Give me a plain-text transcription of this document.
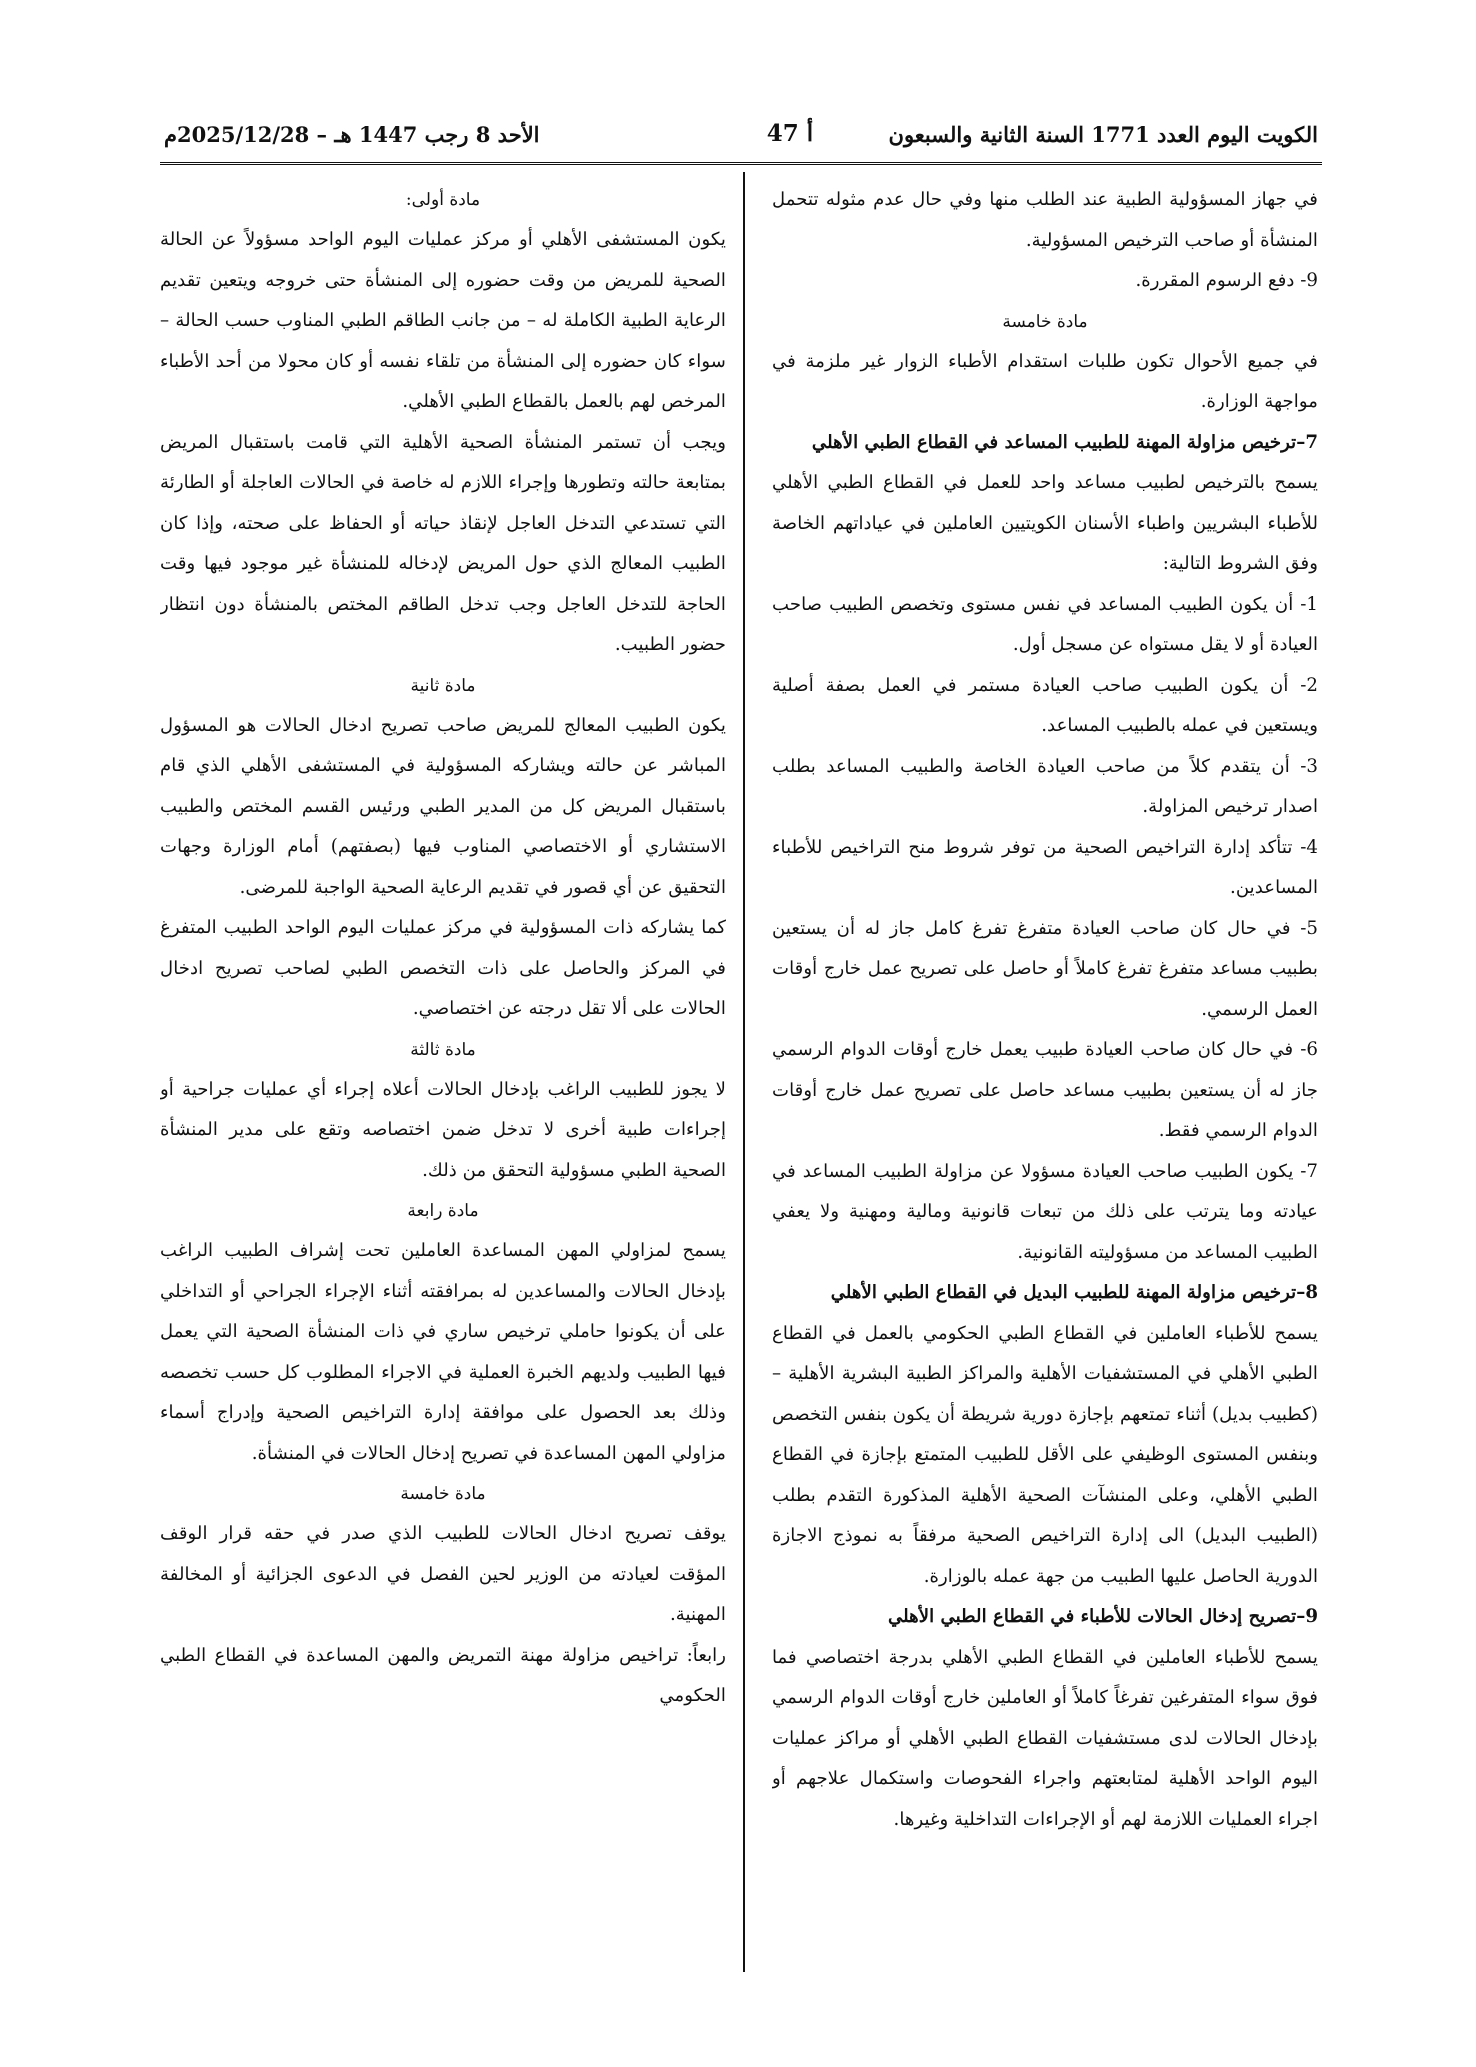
الكويت اليوم العدد 1771 السنة الثانية والسبعون
أ 47
الأحد 8 رجب 1447 هـ – 2025/12/28م

في جهاز المسؤولية الطبية عند الطلب منها وفي حال عدم مثوله تتحمل المنشأة أو صاحب الترخيص المسؤولية.

9- دفع الرسوم المقررة.

مادة خامسة

في جميع الأحوال تكون طلبات استقدام الأطباء الزوار غير ملزمة في مواجهة الوزارة.

7–ترخيص مزاولة المهنة للطبيب المساعد في القطاع الطبي الأهلي

يسمح بالترخيص لطبيب مساعد واحد للعمل في القطاع الطبي الأهلي للأطباء البشريين واطباء الأسنان الكويتيين العاملين في عياداتهم الخاصة وفق الشروط التالية:

1- أن يكون الطبيب المساعد في نفس مستوى وتخصص الطبيب صاحب العيادة أو لا يقل مستواه عن مسجل أول.

2- أن يكون الطبيب صاحب العيادة مستمر في العمل بصفة أصلية ويستعين في عمله بالطبيب المساعد.

3- أن يتقدم كلاً من صاحب العيادة الخاصة والطبيب المساعد بطلب اصدار ترخيص المزاولة.

4- تتأكد إدارة التراخيص الصحية من توفر شروط منح التراخيص للأطباء المساعدين.

5- في حال كان صاحب العيادة متفرغ تفرغ كامل جاز له أن يستعين بطبيب مساعد متفرغ تفرغ كاملاً أو حاصل على تصريح عمل خارج أوقات العمل الرسمي.

6- في حال كان صاحب العيادة طبيب يعمل خارج أوقات الدوام الرسمي جاز له أن يستعين بطبيب مساعد حاصل على تصريح عمل خارج أوقات الدوام الرسمي فقط.

7- يكون الطبيب صاحب العيادة مسؤولا عن مزاولة الطبيب المساعد في عيادته وما يترتب على ذلك من تبعات قانونية ومالية ومهنية ولا يعفي الطبيب المساعد من مسؤوليته القانونية.

8–ترخيص مزاولة المهنة للطبيب البديل في القطاع الطبي الأهلي

يسمح للأطباء العاملين في القطاع الطبي الحكومي بالعمل في القطاع الطبي الأهلي في المستشفيات الأهلية والمراكز الطبية البشرية الأهلية – (كطبيب بديل) أثناء تمتعهم بإجازة دورية شريطة أن يكون بنفس التخصص وبنفس المستوى الوظيفي على الأقل للطبيب المتمتع بإجازة في القطاع الطبي الأهلي، وعلى المنشآت الصحية الأهلية المذكورة التقدم بطلب (الطبيب البديل) الى إدارة التراخيص الصحية مرفقاً به نموذج الاجازة الدورية الحاصل عليها الطبيب من جهة عمله بالوزارة.

9–تصريح إدخال الحالات للأطباء في القطاع الطبي الأهلي

يسمح للأطباء العاملين في القطاع الطبي الأهلي بدرجة اختصاصي فما فوق سواء المتفرغين تفرغاً كاملاً أو العاملين خارج أوقات الدوام الرسمي بإدخال الحالات لدى مستشفيات القطاع الطبي الأهلي أو مراكز عمليات اليوم الواحد الأهلية لمتابعتهم واجراء الفحوصات واستكمال علاجهم أو اجراء العمليات اللازمة لهم أو الإجراءات التداخلية وغيرها.

مادة أولى:

يكون المستشفى الأهلي أو مركز عمليات اليوم الواحد مسؤولاً عن الحالة الصحية للمريض من وقت حضوره إلى المنشأة حتى خروجه ويتعين تقديم الرعاية الطبية الكاملة له – من جانب الطاقم الطبي المناوب حسب الحالة – سواء كان حضوره إلى المنشأة من تلقاء نفسه أو كان محولا من أحد الأطباء المرخص لهم بالعمل بالقطاع الطبي الأهلي.

ويجب أن تستمر المنشأة الصحية الأهلية التي قامت باستقبال المريض بمتابعة حالته وتطورها وإجراء اللازم له خاصة في الحالات العاجلة أو الطارئة التي تستدعي التدخل العاجل لإنقاذ حياته أو الحفاظ على صحته، وإذا كان الطبيب المعالج الذي حول المريض لإدخاله للمنشأة غير موجود فيها وقت الحاجة للتدخل العاجل وجب تدخل الطاقم المختص بالمنشأة دون انتظار حضور الطبيب.

مادة ثانية

يكون الطبيب المعالج للمريض صاحب تصريح ادخال الحالات هو المسؤول المباشر عن حالته ويشاركه المسؤولية في المستشفى الأهلي الذي قام باستقبال المريض كل من المدير الطبي ورئيس القسم المختص والطبيب الاستشاري أو الاختصاصي المناوب فيها (بصفتهم) أمام الوزارة وجهات التحقيق عن أي قصور في تقديم الرعاية الصحية الواجبة للمرضى.

كما يشاركه ذات المسؤولية في مركز عمليات اليوم الواحد الطبيب المتفرغ في المركز والحاصل على ذات التخصص الطبي لصاحب تصريح ادخال الحالات على ألا تقل درجته عن اختصاصي.

مادة ثالثة

لا يجوز للطبيب الراغب بإدخال الحالات أعلاه إجراء أي عمليات جراحية أو إجراءات طبية أخرى لا تدخل ضمن اختصاصه وتقع على مدير المنشأة الصحية الطبي مسؤولية التحقق من ذلك.

مادة رابعة

يسمح لمزاولي المهن المساعدة العاملين تحت إشراف الطبيب الراغب بإدخال الحالات والمساعدين له بمرافقته أثناء الإجراء الجراحي أو التداخلي على أن يكونوا حاملي ترخيص ساري في ذات المنشأة الصحية التي يعمل فيها الطبيب ولديهم الخبرة العملية في الاجراء المطلوب كل حسب تخصصه وذلك بعد الحصول على موافقة إدارة التراخيص الصحية وإدراج أسماء مزاولي المهن المساعدة في تصريح إدخال الحالات في المنشأة.

مادة خامسة

يوقف تصريح ادخال الحالات للطبيب الذي صدر في حقه قرار الوقف المؤقت لعيادته من الوزير لحين الفصل في الدعوى الجزائية أو المخالفة المهنية.

رابعاً: تراخيص مزاولة مهنة التمريض والمهن المساعدة في القطاع الطبي الحكومي
